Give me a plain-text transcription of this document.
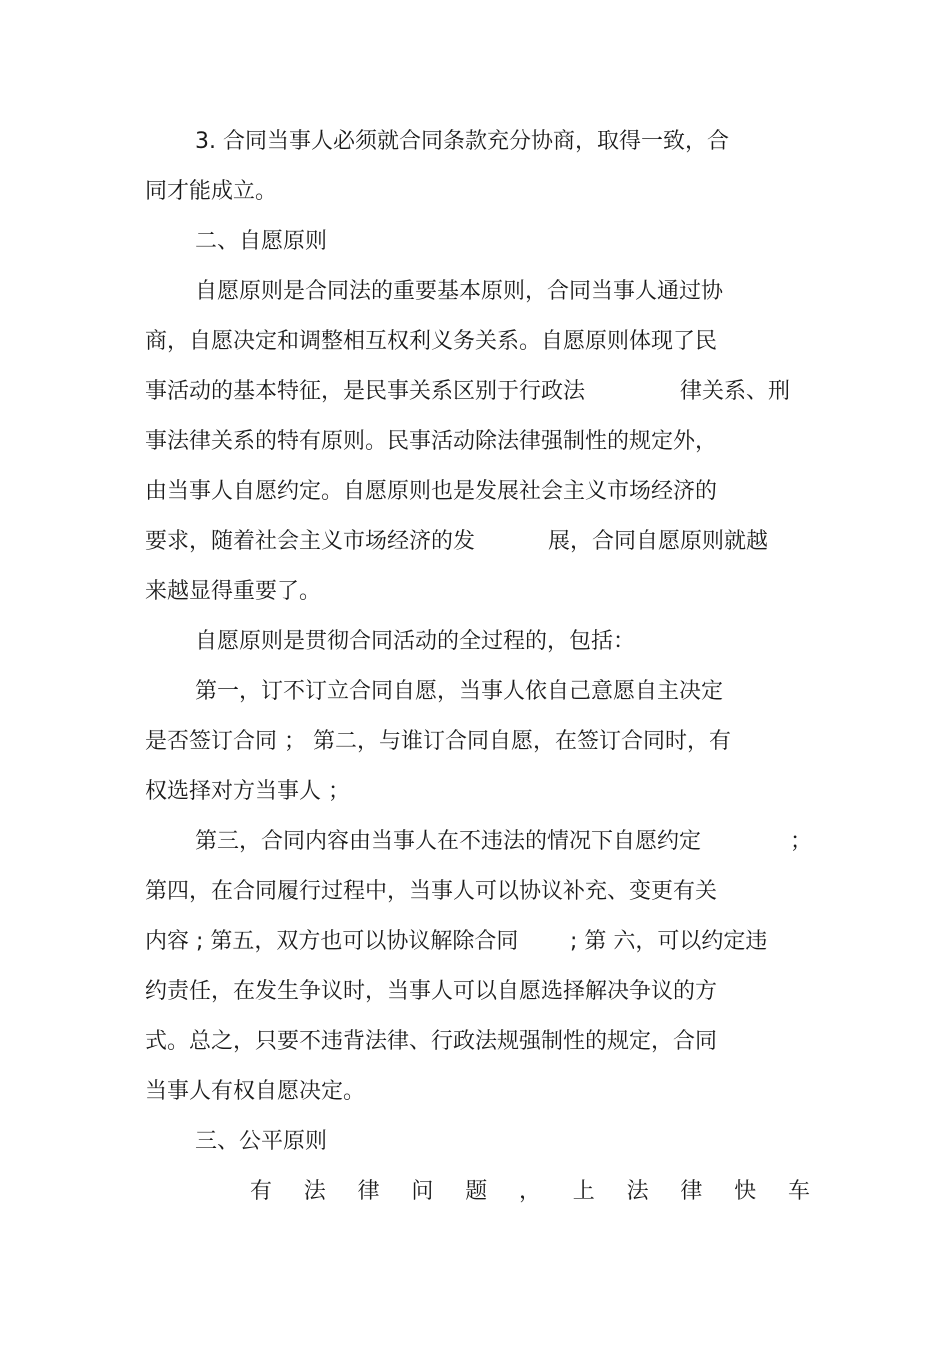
3. 合同当事人必须就合同条款充分协商，取得一致，合
同才能成立。
二、自愿原则
自愿原则是合同法的重要基本原则，合同当事人通过协
商，自愿决定和调整相互权利义务关系。自愿原则体现了民
事活动的基本特征，是民事关系区别于行政法	律关系、刑
事法律关系的特有原则。民事活动除法律强制性的规定外，
由当事人自愿约定。自愿原则也是发展社会主义市场经济的
要求，随着社会主义市场经济的发	展，合同自愿原则就越
来越显得重要了。
自愿原则是贯彻合同活动的全过程的，包括：
第一，订不订立合同自愿，当事人依自己意愿自主决定
是否签订合同 ； 第二，与谁订合同自愿，在签订合同时，有
权选择对方当事人 ；
第三，合同内容由当事人在不违法的情况下自愿约定	；
第四，在合同履行过程中，当事人可以协议补充、变更有关
内容 ; 第五，双方也可以协议解除合同 ; 第 六，可以约定违
约责任，在发生争议时，当事人可以自愿选择解决争议的方
式。总之，只要不违背法律、行政法规强制性的规定，合同
当事人有权自愿决定。
三、公平原则
有 法 律 问 题 ， 上 法 律 快 车
